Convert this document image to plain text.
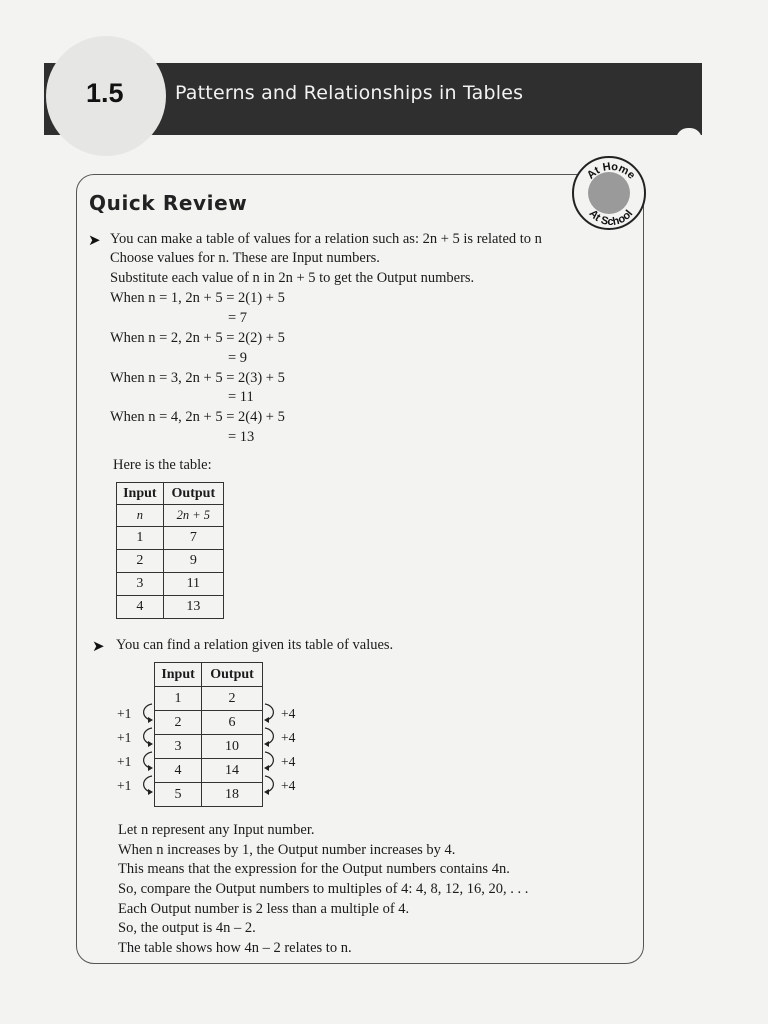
1.5	Patterns and Relationships in Tables
At Home
At School
Quick Review
➤ You can make a table of values for a relation such as: 2n + 5 is related to n
Choose values for n. These are Input numbers.
Substitute each value of n in 2n + 5 to get the Output numbers.
When n = 1, 2n + 5 = 2(1) + 5
= 7
When n = 2, 2n + 5 = 2(2) + 5
= 9
When n = 3, 2n + 5 = 2(3) + 5
= 11
When n = 4, 2n + 5 = 2(4) + 5
= 13
Here is the table:
Input	Output
n	2n + 5
1	7
2	9
3	11
4	13
➤ You can find a relation given its table of values.
Input	Output
1	2
2	6
3	10
4	14
5	18
+1
+1
+1
+1
+4
+4
+4
+4
Let n represent any Input number.
When n increases by 1, the Output number increases by 4.
This means that the expression for the Output numbers contains 4n.
So, compare the Output numbers to multiples of 4: 4, 8, 12, 16, 20, . . .
Each Output number is 2 less than a multiple of 4.
So, the output is 4n – 2.
The table shows how 4n – 2 relates to n.
